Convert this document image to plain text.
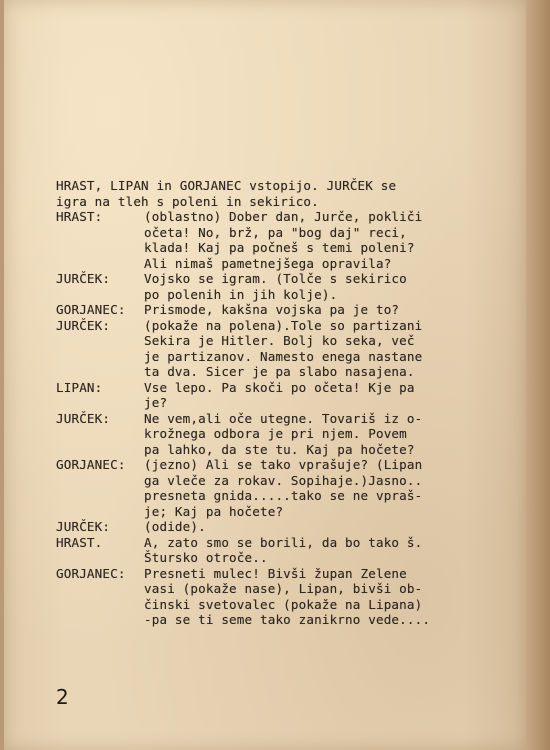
HRAST, LIPAN in GORJANEC vstopijo. JURČEK se
igra na tleh s poleni in sekirico.
HRAST:	(oblastno) Dober dan, Jurče, pokliči
očeta! No, brž, pa "bog daj" reci,
klada! Kaj pa počneš s temi poleni?
Ali nimaš pametnejšega opravila?
JURČEK:	Vojsko se igram. (Tolče s sekirico
po polenih in jih kolje).
GORJANEC:	Prismode, kakšna vojska pa je to?
JURČEK:	(pokaže na polena).Tole so partizani
Sekira je Hitler. Bolj ko seka, več
je partizanov. Namesto enega nastane
ta dva. Sicer je pa slabo nasajena.
LIPAN:	Vse lepo. Pa skoči po očeta! Kje pa
je?
JURČEK:	Ne vem,ali oče utegne. Tovariš iz o-
krožnega odbora je pri njem. Povem
pa lahko, da ste tu. Kaj pa hočete?
GORJANEC:	(jezno) Ali se tako vprašuje? (Lipan
ga vleče za rokav. Sopihaje.)Jasno..
presneta gnida.....tako se ne vpraš-
je; Kaj pa hočete?
JURČEK:	(odide).
HRAST.	A, zato smo se borili, da bo tako š.
Štursko otroče..
GORJANEC:	Presneti mulec! Bivši župan Zelene
vasi (pokaže nase), Lipan, bivši ob-
činski svetovalec (pokaže na Lipana)
-pa se ti seme tako zanikrno vede....
2
